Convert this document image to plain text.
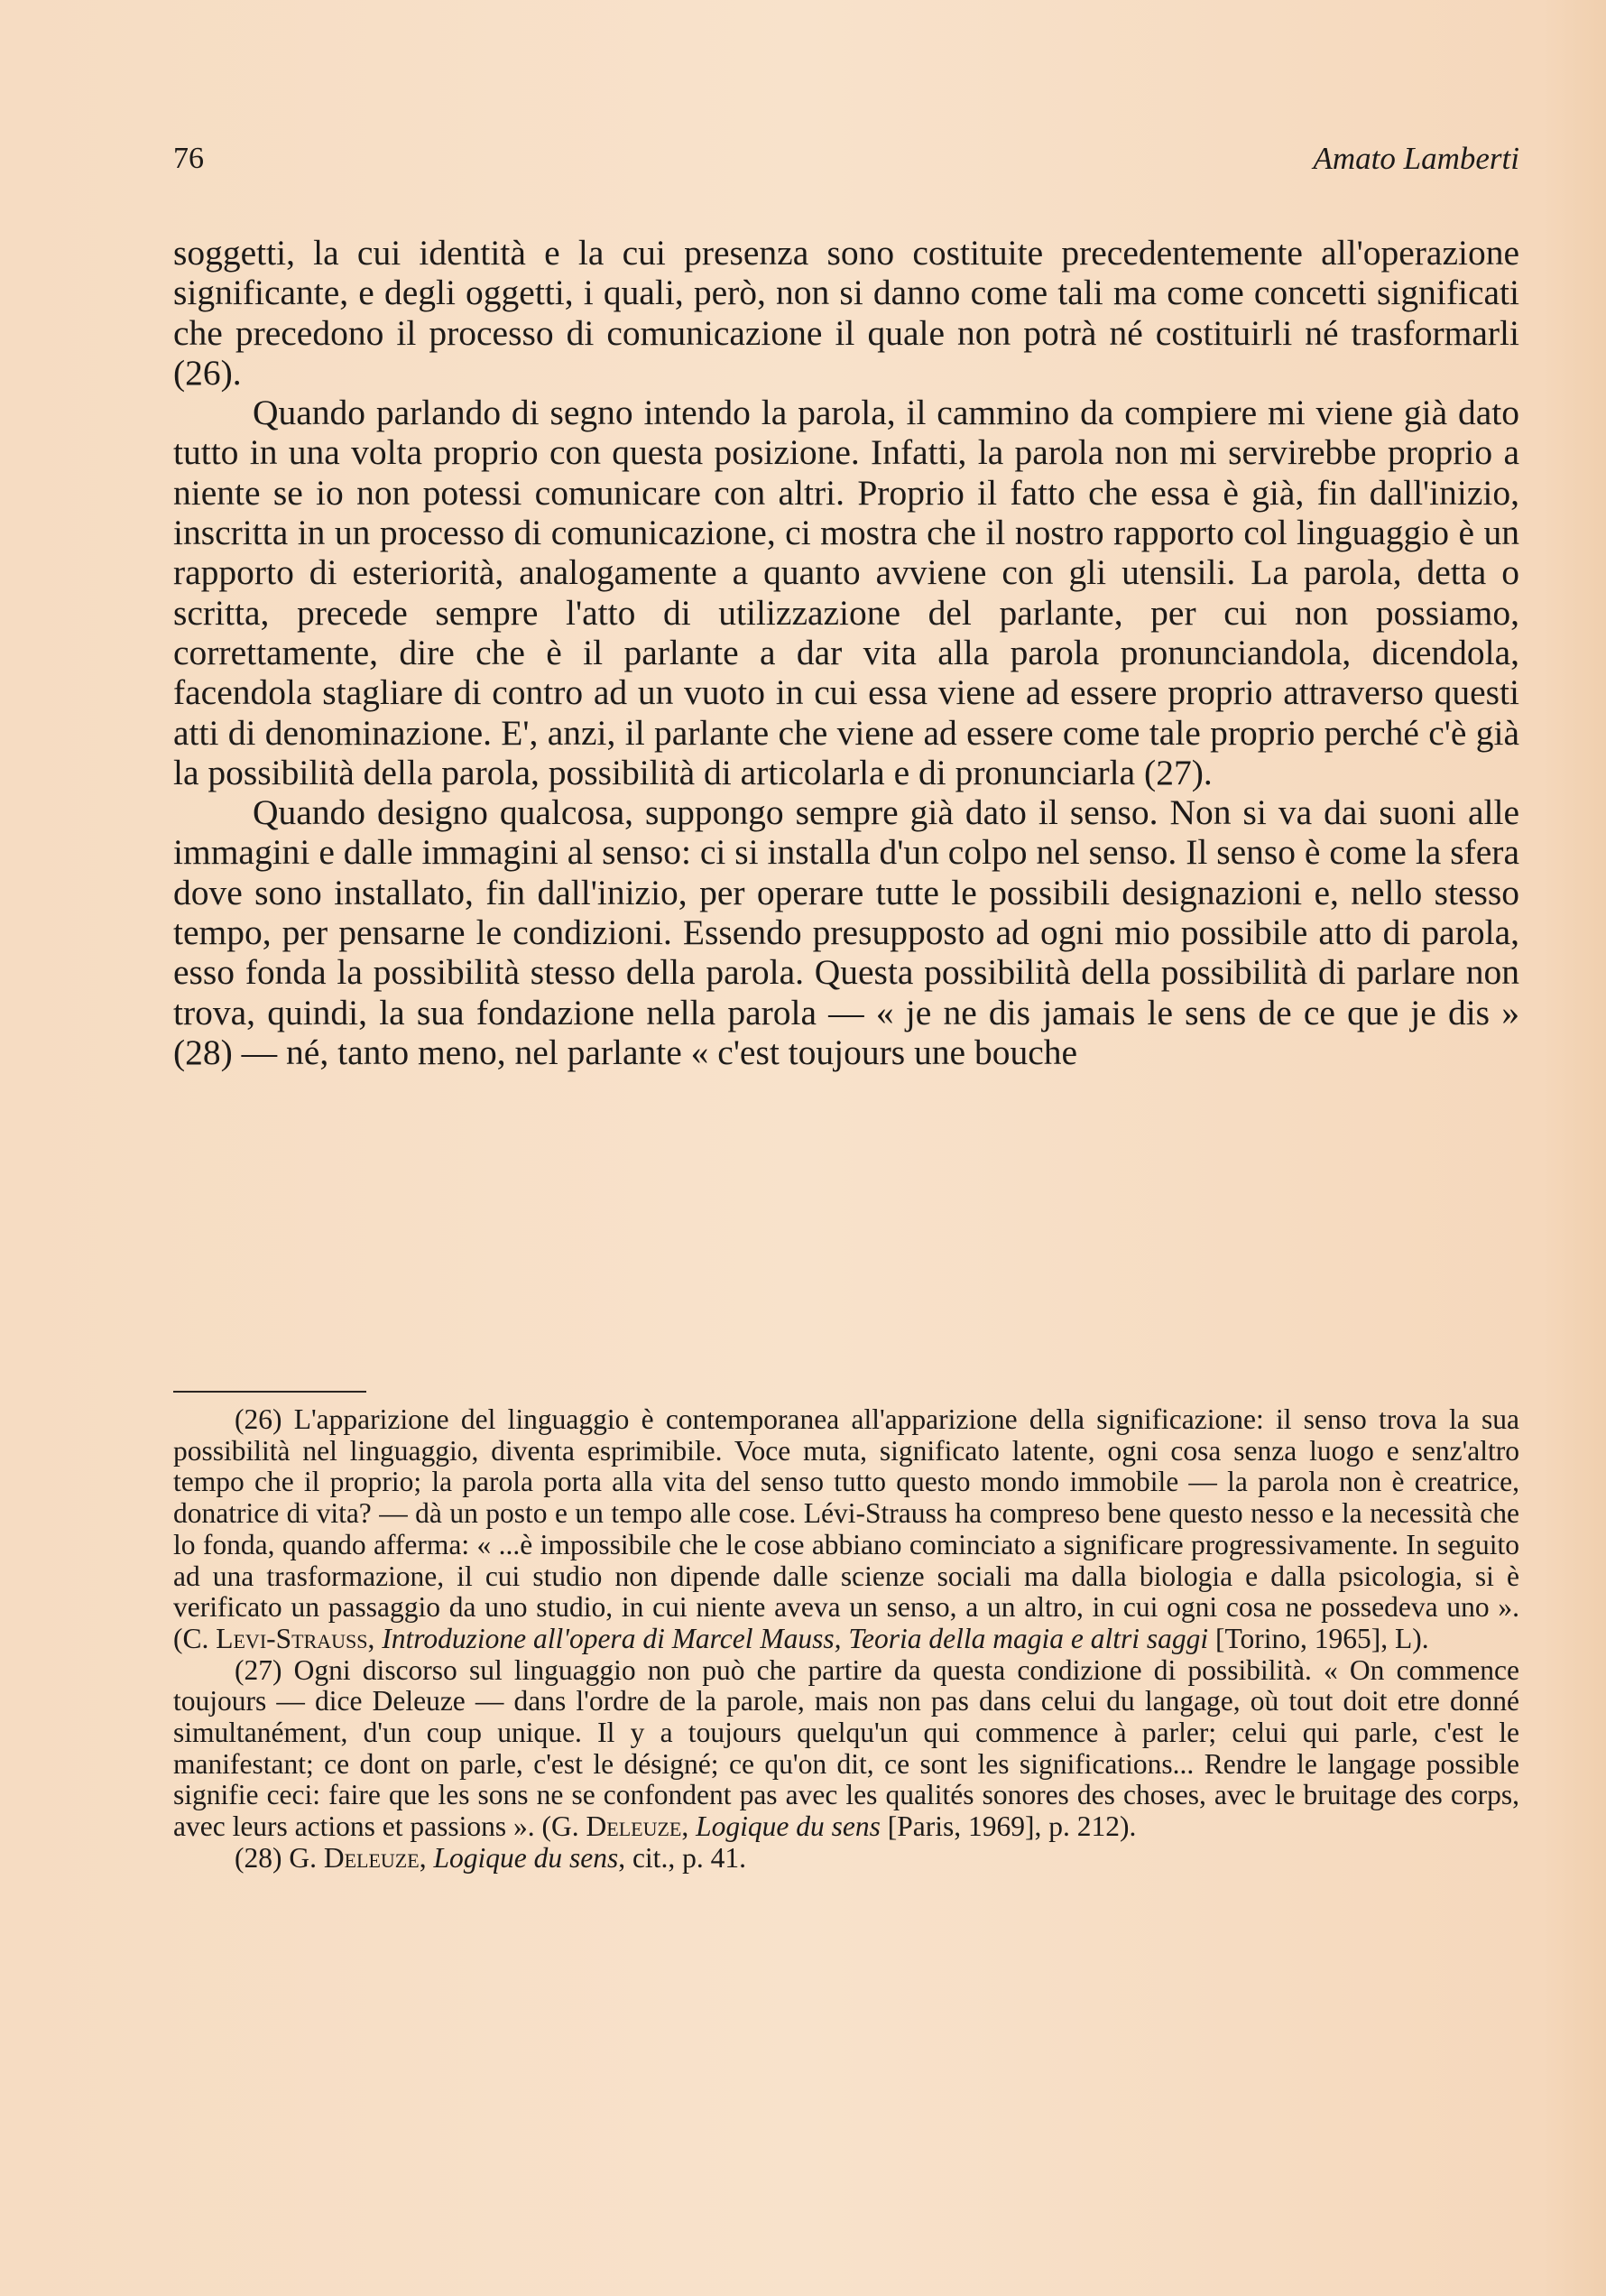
76	Amato Lamberti

soggetti, la cui identità e la cui presenza sono costituite precedentemente all'operazione significante, e degli oggetti, i quali, però, non si danno come tali ma come concetti significati che precedono il processo di comunicazione il quale non potrà né costituirli né trasformarli (26).

Quando parlando di segno intendo la parola, il cammino da compiere mi viene già dato tutto in una volta proprio con questa posizione. Infatti, la parola non mi servirebbe proprio a niente se io non potessi comunicare con altri. Proprio il fatto che essa è già, fin dall'inizio, inscritta in un processo di comunicazione, ci mostra che il nostro rapporto col linguaggio è un rapporto di esteriorità, analogamente a quanto avviene con gli utensili. La parola, detta o scritta, precede sempre l'atto di utilizzazione del parlante, per cui non possiamo, correttamente, dire che è il parlante a dar vita alla parola pronunciandola, dicendola, facendola stagliare di contro ad un vuoto in cui essa viene ad essere proprio attraverso questi atti di denominazione. E', anzi, il parlante che viene ad essere come tale proprio perché c'è già la possibilità della parola, possibilità di articolarla e di pronunciarla (27).

Quando designo qualcosa, suppongo sempre già dato il senso. Non si va dai suoni alle immagini e dalle immagini al senso: ci si installa d'un colpo nel senso. Il senso è come la sfera dove sono installato, fin dall'inizio, per operare tutte le possibili designazioni e, nello stesso tempo, per pensarne le condizioni. Essendo presupposto ad ogni mio possibile atto di parola, esso fonda la possibilità stesso della parola. Questa possibilità della possibilità di parlare non trova, quindi, la sua fondazione nella parola — « je ne dis jamais le sens de ce que je dis » (28) — né, tanto meno, nel parlante « c'est toujours une bouche

(26) L'apparizione del linguaggio è contemporanea all'apparizione della significazione: il senso trova la sua possibilità nel linguaggio, diventa esprimibile. Voce muta, significato latente, ogni cosa senza luogo e senz'altro tempo che il proprio; la parola porta alla vita del senso tutto questo mondo immobile — la parola non è creatrice, donatrice di vita? — dà un posto e un tempo alle cose. Lévi-Strauss ha compreso bene questo nesso e la necessità che lo fonda, quando afferma: « ...è impossibile che le cose abbiano cominciato a significare progressivamente. In seguito ad una trasformazione, il cui studio non dipende dalle scienze sociali ma dalla biologia e dalla psicologia, si è verificato un passaggio da uno studio, in cui niente aveva un senso, a un altro, in cui ogni cosa ne possedeva uno ». (C. Levi-Strauss, Introduzione all'opera di Marcel Mauss, Teoria della magia e altri saggi [Torino, 1965], L).

(27) Ogni discorso sul linguaggio non può che partire da questa condizione di possibilità. « On commence toujours — dice Deleuze — dans l'ordre de la parole, mais non pas dans celui du langage, où tout doit etre donné simultanément, d'un coup unique. Il y a toujours quelqu'un qui commence à parler; celui qui parle, c'est le manifestant; ce dont on parle, c'est le désigné; ce qu'on dit, ce sont les significations... Rendre le langage possible signifie ceci: faire que les sons ne se confondent pas avec les qualités sonores des choses, avec le bruitage des corps, avec leurs actions et passions ». (G. Deleuze, Logique du sens [Paris, 1969], p. 212).

(28) G. Deleuze, Logique du sens, cit., p. 41.
